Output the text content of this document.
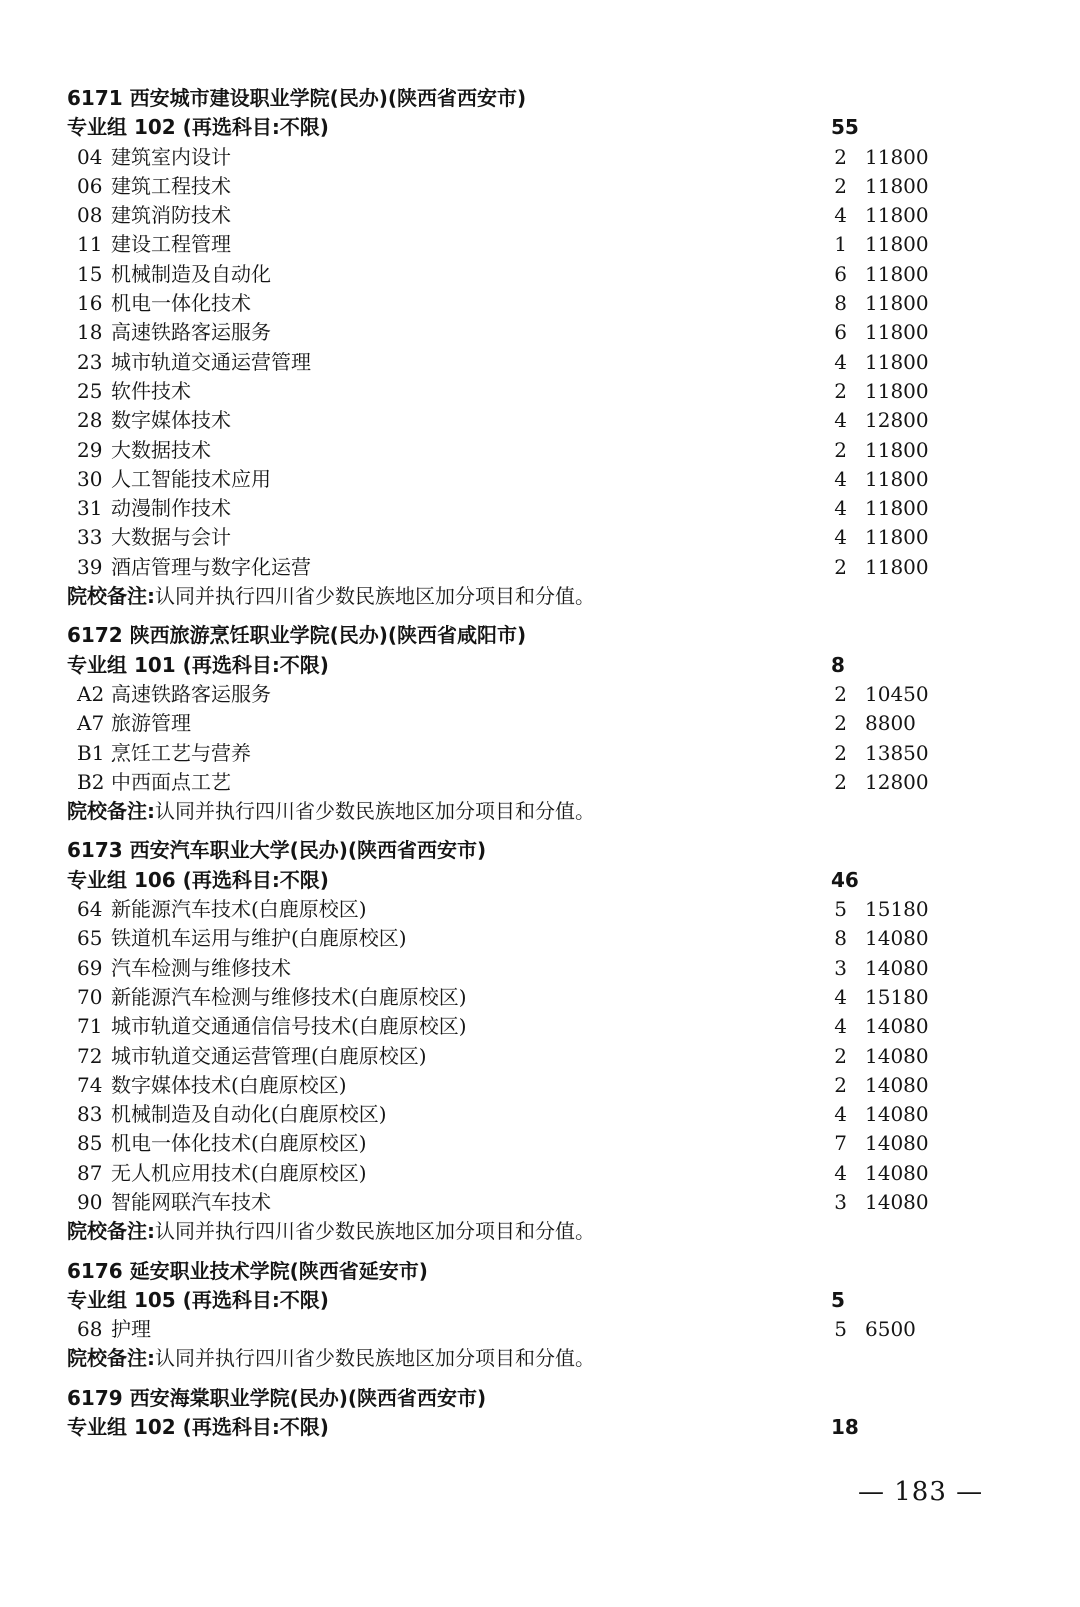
6171 西安城市建设职业学院(民办)(陕西省西安市)
专业组 102 (再选科目:不限)	55
04 建筑室内设计	2 11800
06 建筑工程技术	2 11800
08 建筑消防技术	4 11800
11 建设工程管理	1 11800
15 机械制造及自动化	6 11800
16 机电一体化技术	8 11800
18 高速铁路客运服务	6 11800
23 城市轨道交通运营管理	4 11800
25 软件技术	2 11800
28 数字媒体技术	4 12800
29 大数据技术	2 11800
30 人工智能技术应用	4 11800
31 动漫制作技术	4 11800
33 大数据与会计	4 11800
39 酒店管理与数字化运营	2 11800
院校备注:认同并执行四川省少数民族地区加分项目和分值。
6172 陕西旅游烹饪职业学院(民办)(陕西省咸阳市)
专业组 101 (再选科目:不限)	8
A2 高速铁路客运服务	2 10450
A7 旅游管理	2 8800
B1 烹饪工艺与营养	2 13850
B2 中西面点工艺	2 12800
院校备注:认同并执行四川省少数民族地区加分项目和分值。
6173 西安汽车职业大学(民办)(陕西省西安市)
专业组 106 (再选科目:不限)	46
64 新能源汽车技术(白鹿原校区)	5 15180
65 铁道机车运用与维护(白鹿原校区)	8 14080
69 汽车检测与维修技术	3 14080
70 新能源汽车检测与维修技术(白鹿原校区)	4 15180
71 城市轨道交通通信信号技术(白鹿原校区)	4 14080
72 城市轨道交通运营管理(白鹿原校区)	2 14080
74 数字媒体技术(白鹿原校区)	2 14080
83 机械制造及自动化(白鹿原校区)	4 14080
85 机电一体化技术(白鹿原校区)	7 14080
87 无人机应用技术(白鹿原校区)	4 14080
90 智能网联汽车技术	3 14080
院校备注:认同并执行四川省少数民族地区加分项目和分值。
6176 延安职业技术学院(陕西省延安市)
专业组 105 (再选科目:不限)	5
68 护理	5 6500
院校备注:认同并执行四川省少数民族地区加分项目和分值。
6179 西安海棠职业学院(民办)(陕西省西安市)
专业组 102 (再选科目:不限)	18
— 183 —
